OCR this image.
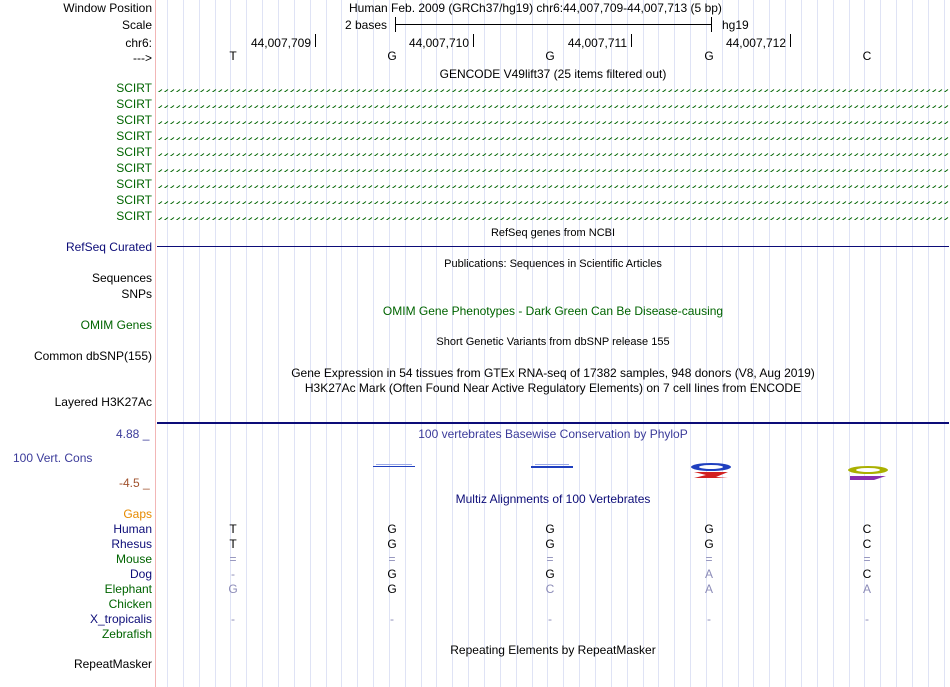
Window Position	Human Feb. 2009 (GRCh37/hg19) chr6:44,007,709-44,007,713 (5 bp)
Scale	2 bases	hg19
chr6:	44,007,709	44,007,710	44,007,711	44,007,712
--->	T	G	G	G	C
GENCODE V49lift37 (25 items filtered out)
SCIRT
SCIRT
SCIRT
SCIRT
SCIRT
SCIRT
SCIRT
SCIRT
SCIRT
RefSeq genes from NCBI
RefSeq Curated
Publications: Sequences in Scientific Articles
Sequences
SNPs
OMIM Gene Phenotypes - Dark Green Can Be Disease-causing
OMIM Genes
Short Genetic Variants from dbSNP release 155
Common dbSNP(155)
Gene Expression in 54 tissues from GTEx RNA-seq of 17382 samples, 948 donors (V8, Aug 2019)
H3K27Ac Mark (Often Found Near Active Regulatory Elements) on 7 cell lines from ENCODE
Layered H3K27Ac
4.88 _	100 vertebrates Basewise Conservation by PhyloP
100 Vert. Cons
-4.5 _
Multiz Alignments of 100 Vertebrates
Gaps
Human	T	G	G	G	C
Rhesus	T	G	G	G	C
Mouse	=	=	=	=	=
Dog	-	G	G	A	C
Elephant	G	G	C	A	A
Chicken
X_tropicalis	-	-	-	-	-
Zebrafish
Repeating Elements by RepeatMasker
RepeatMasker
